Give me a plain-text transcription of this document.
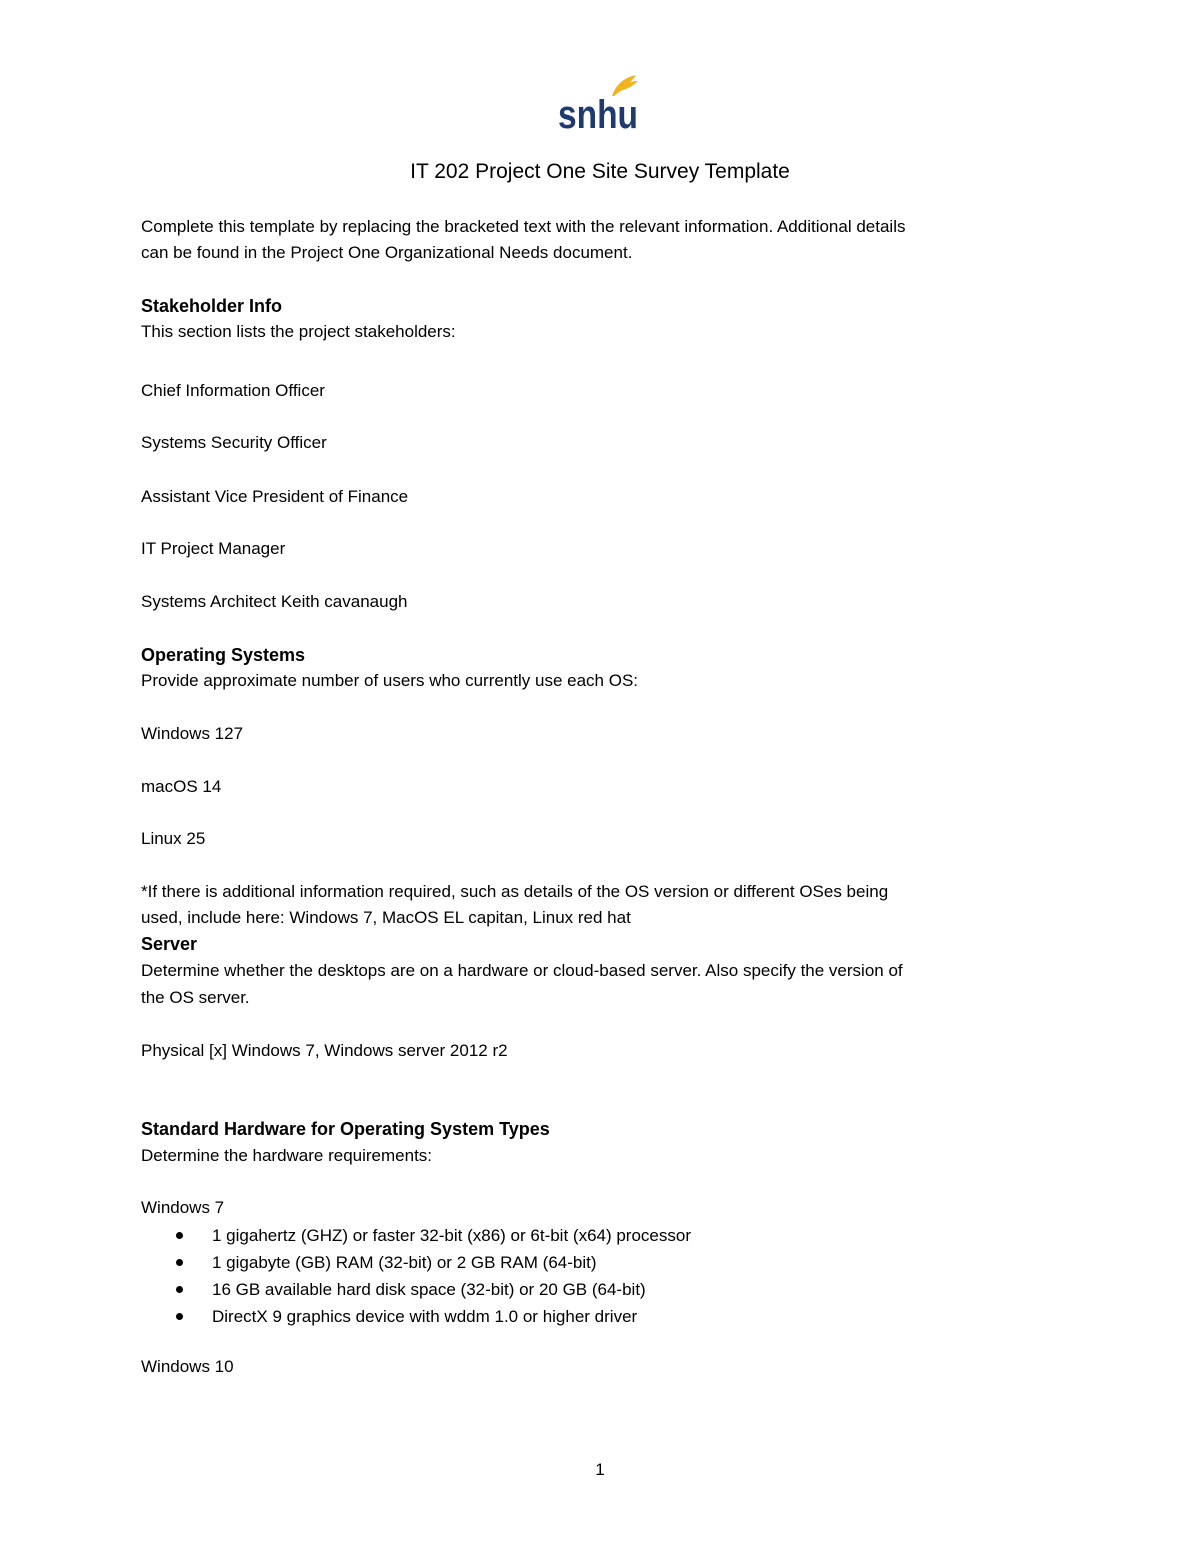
snhu
IT 202 Project One Site Survey Template
Complete this template by replacing the bracketed text with the relevant information. Additional details
can be found in the Project One Organizational Needs document.
Stakeholder Info
This section lists the project stakeholders:
Chief Information Officer
Systems Security Officer
Assistant Vice President of Finance
IT Project Manager
Systems Architect Keith cavanaugh
Operating Systems
Provide approximate number of users who currently use each OS:
Windows 127
macOS 14
Linux 25
*If there is additional information required, such as details of the OS version or different OSes being
used, include here: Windows 7, MacOS EL capitan, Linux red hat
Server
Determine whether the desktops are on a hardware or cloud-based server. Also specify the version of
the OS server.
Physical [x] Windows 7, Windows server 2012 r2
Standard Hardware for Operating System Types
Determine the hardware requirements:
Windows 7
1 gigahertz (GHZ) or faster 32-bit (x86) or 6t-bit (x64) processor
1 gigabyte (GB) RAM (32-bit) or 2 GB RAM (64-bit)
16 GB available hard disk space (32-bit) or 20 GB (64-bit)
DirectX 9 graphics device with wddm 1.0 or higher driver
Windows 10
1
